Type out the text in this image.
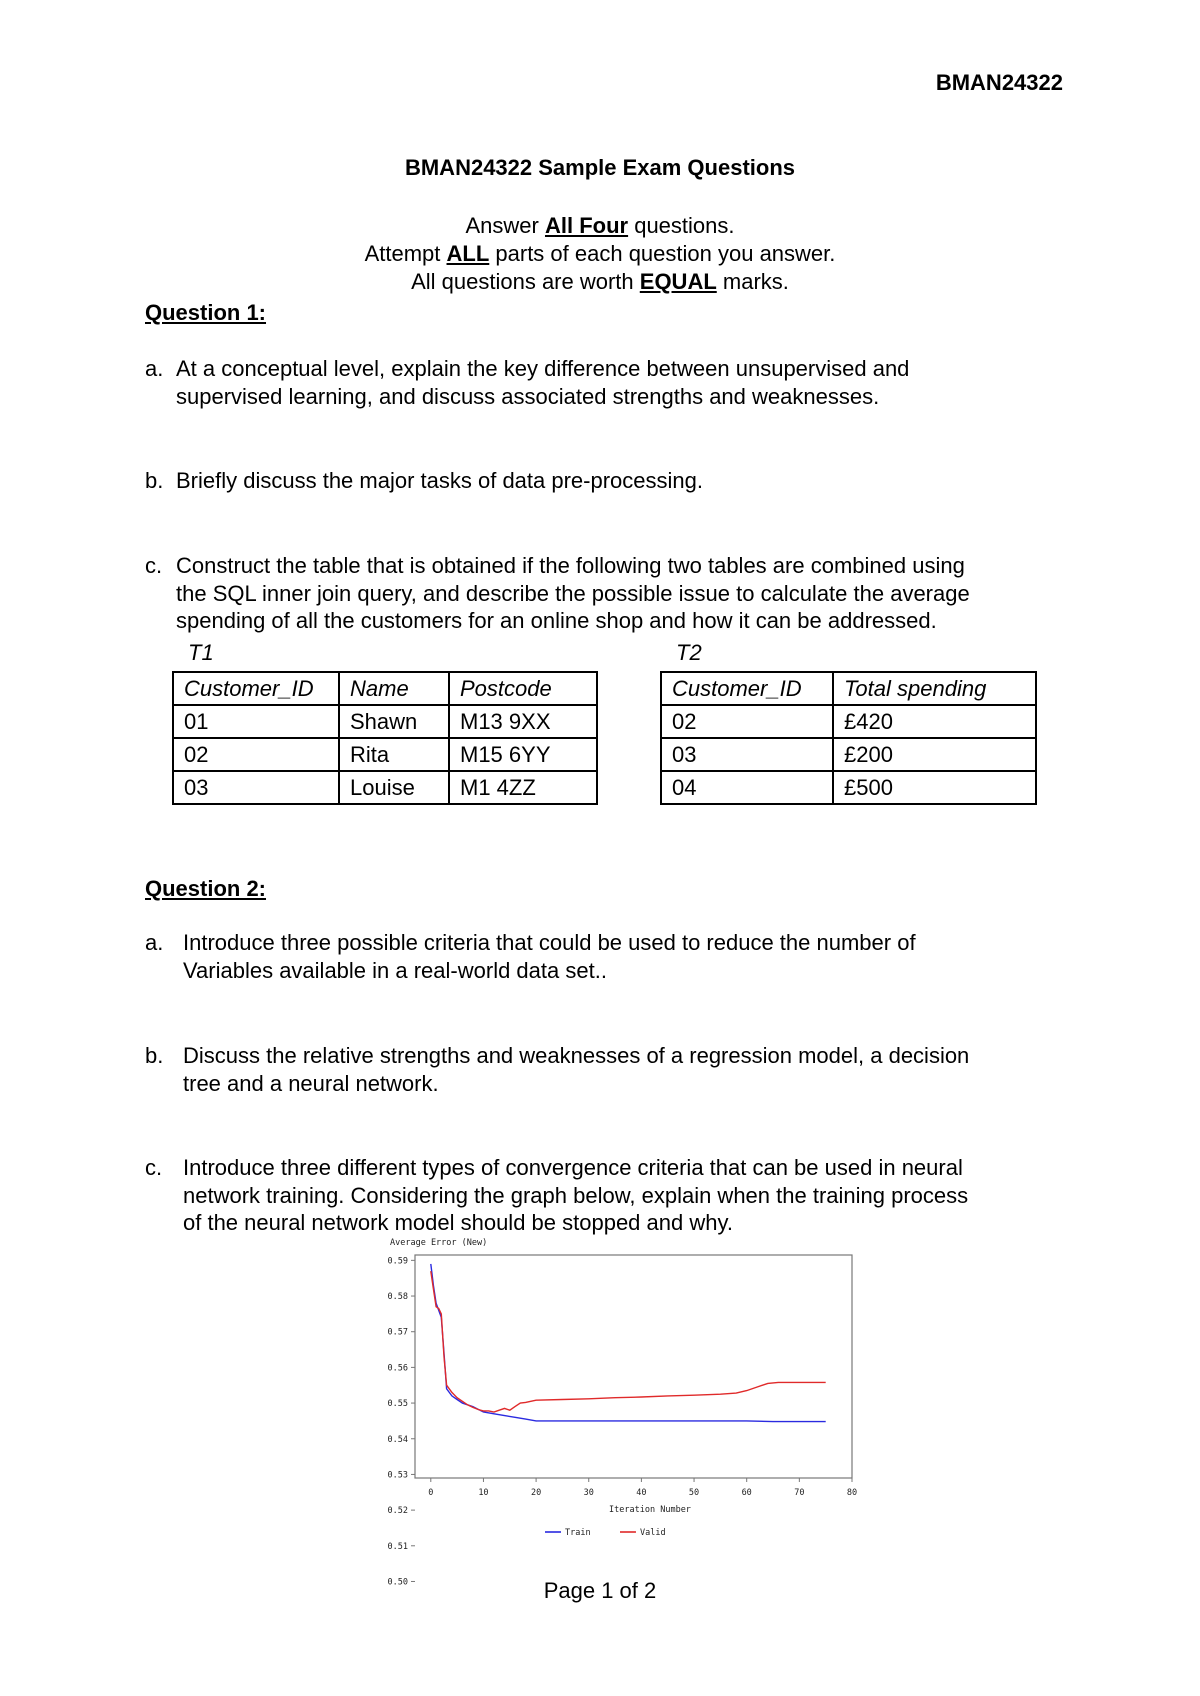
BMAN24322
BMAN24322 Sample Exam Questions
Answer All Four questions.
Attempt ALL parts of each question you answer.
All questions are worth EQUAL marks.
Question 1:
a. At a conceptual level, explain the key difference between unsupervised and
supervised learning, and discuss associated strengths and weaknesses.
b. Briefly discuss the major tasks of data pre-processing.
c. Construct the table that is obtained if the following two tables are combined using
the SQL inner join query, and describe the possible issue to calculate the average
spending of all the customers for an online shop and how it can be addressed.
T1	T2
Customer_ID	Name	Postcode
01	Shawn	M13 9XX
02	Rita	M15 6YY
03	Louise	M1 4ZZ
Customer_ID	Total spending
02	£420
03	£200
04	£500
Question 2:
a. Introduce three possible criteria that could be used to reduce the number of
Variables available in a real-world data set..
b. Discuss the relative strengths and weaknesses of a regression model, a decision
tree and a neural network.
c. Introduce three different types of convergence criteria that can be used in neural
network training. Considering the graph below, explain when the training process
of the neural network model should be stopped and why.
Average Error (New)
Iteration Number
0.59
0.58
0.57
0.56
0.55
0.54
0.53
0.52
0.51
0.50
0	10	20	30	40	50	60	70	80
Train	Valid
Page 1 of 2
